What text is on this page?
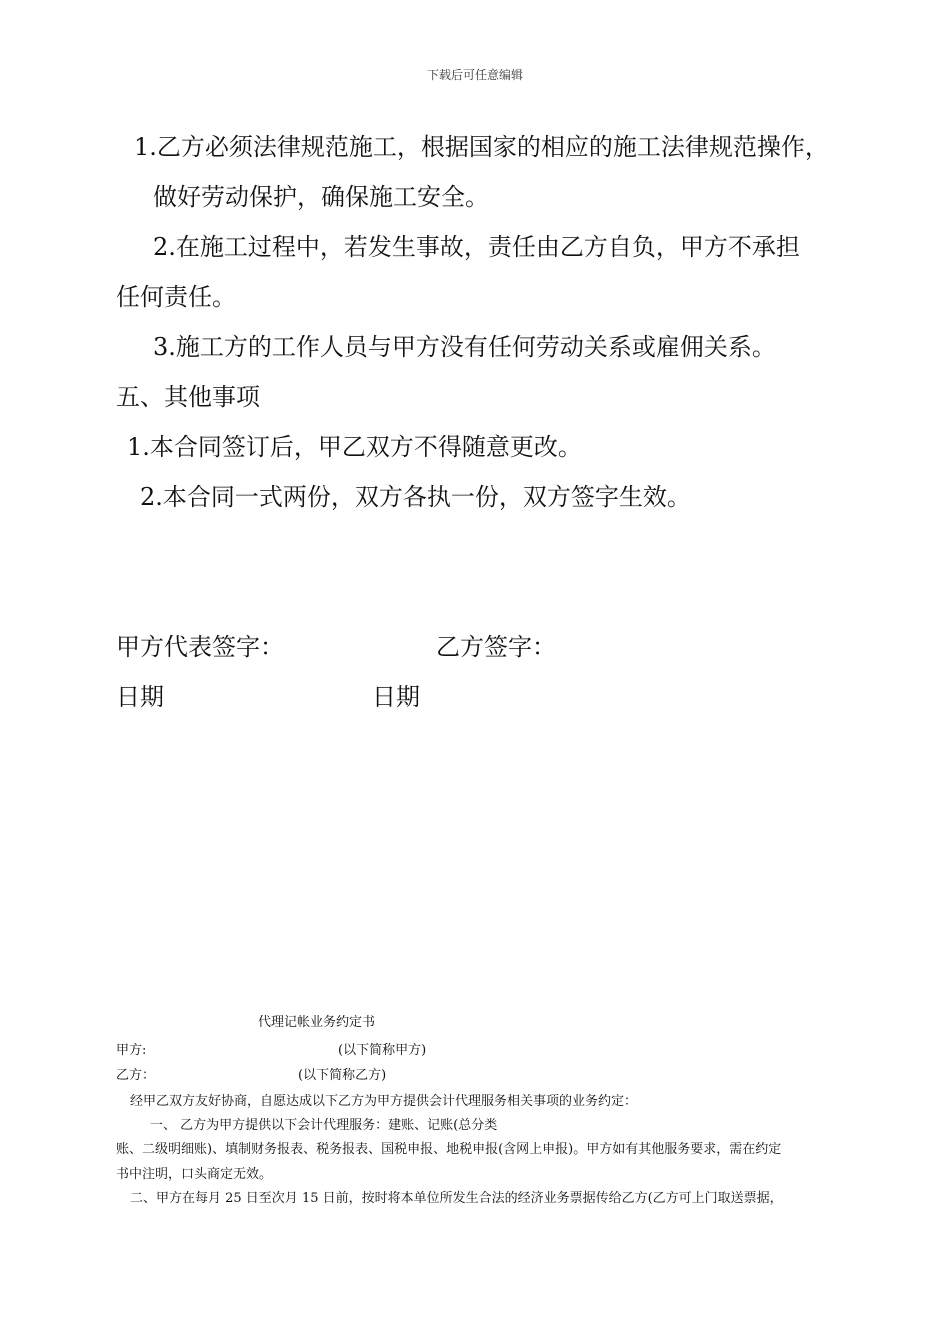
下载后可任意编辑
1.乙方必须法律规范施工，根据国家的相应的施工法律规范操作，
做好劳动保护，确保施工安全。
2.在施工过程中，若发生事故，责任由乙方自负，甲方不承担
任何责任。
3.施工方的工作人员与甲方没有任何劳动关系或雇佣关系。
五、其他事项
1.本合同签订后，甲乙双方不得随意更改。
2.本合同一式两份，双方各执一份，双方签字生效。
甲方代表签字：	乙方签字：
日期	日期
代理记帐业务约定书
甲方:	(以下简称甲方)
乙方：	(以下简称乙方)
经甲乙双方友好协商，自愿达成以下乙方为甲方提供会计代理服务相关事项的业务约定：
一、 乙方为甲方提供以下会计代理服务：建账、记账(总分类
账、二级明细账)、填制财务报表、税务报表、国税申报、地税申报(含网上申报)。甲方如有其他服务要求，需在约定
书中注明，口头商定无效。
二、甲方在每月 25 日至次月 15 日前，按时将本单位所发生合法的经济业务票据传给乙方(乙方可上门取送票据，
